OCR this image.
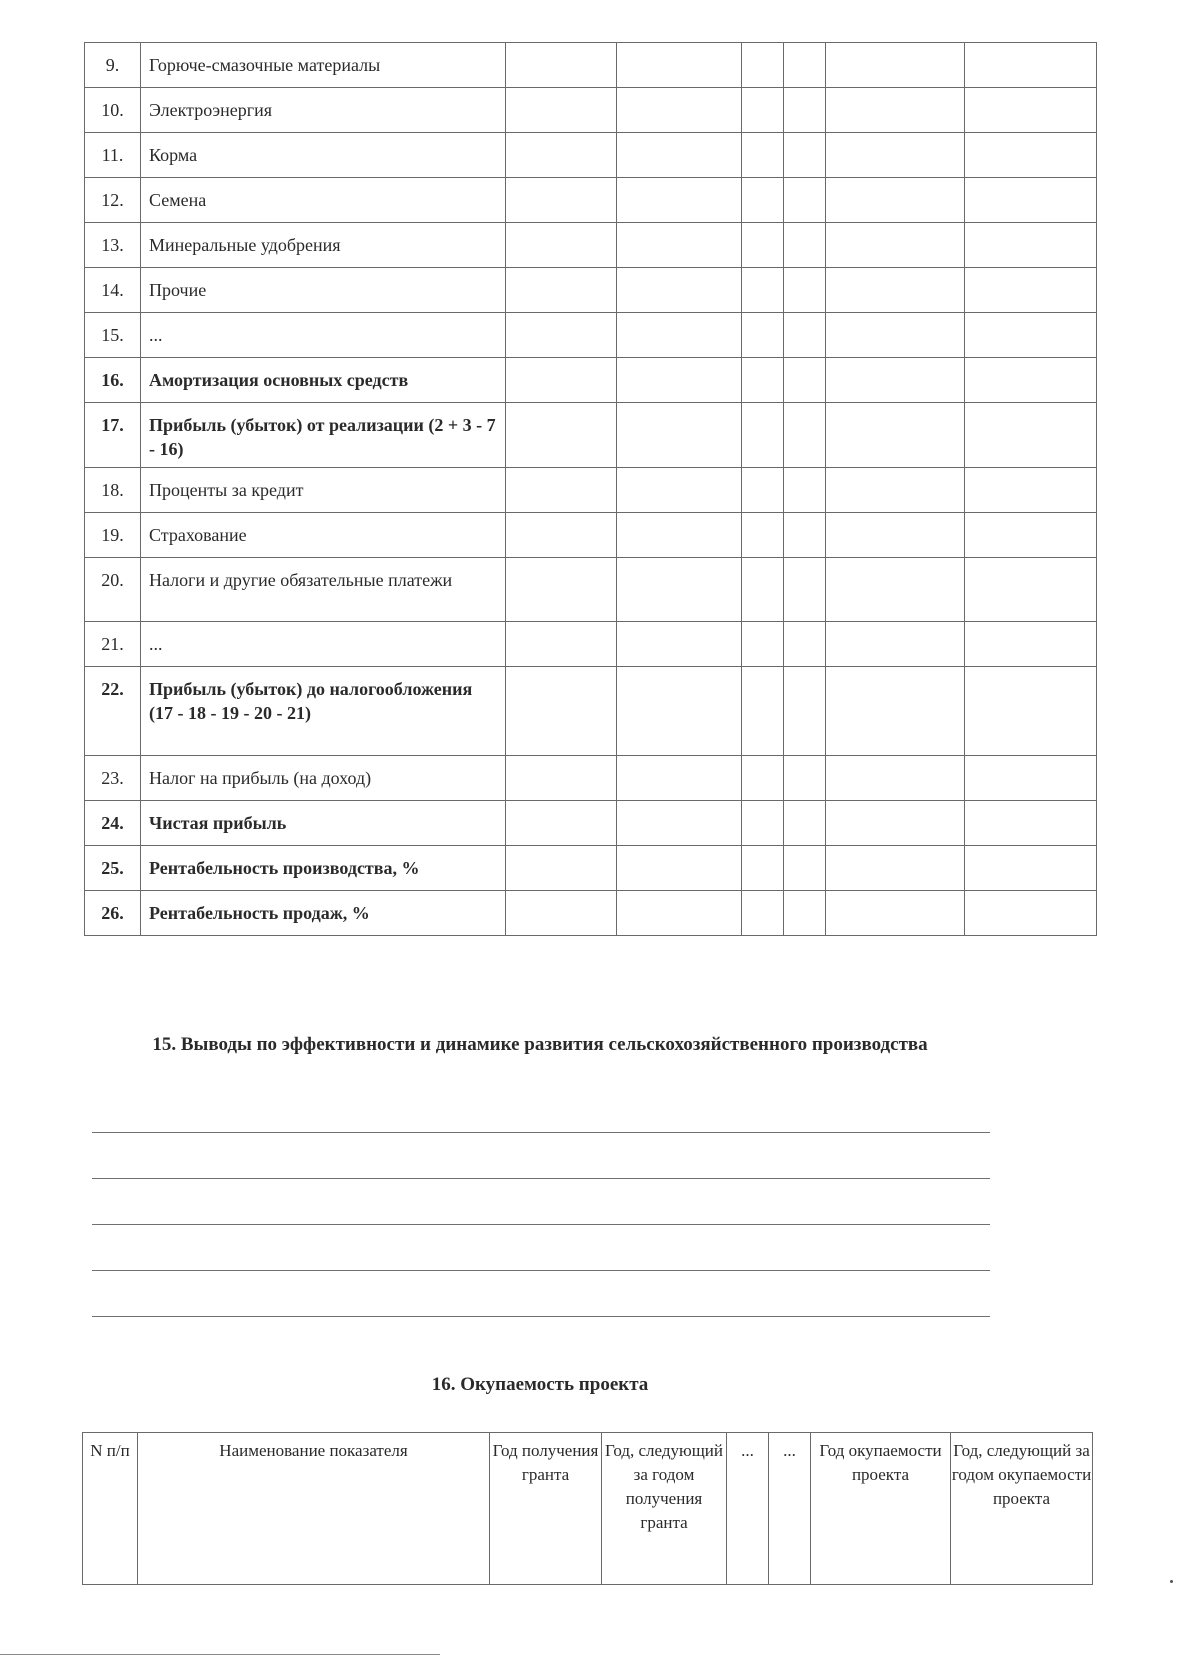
9.	Горюче-смазочные материалы						
10.	Электроэнергия						
11.	Корма						
12.	Семена						
13.	Минеральные удобрения						
14.	Прочие						
15.	...						
16.	Амортизация основных средств						
17.	Прибыль (убыток) от реализации (2 + 3 - 7 - 16)						
18.	Проценты за кредит						
19.	Страхование						
20.	Налоги и другие обязательные платежи						
21.	...						
22.	Прибыль (убыток) до налогообложения (17 - 18 - 19 - 20 - 21)						
23.	Налог на прибыль (на доход)						
24.	Чистая прибыль						
25.	Рентабельность производства, %						
26.	Рентабельность продаж, %						
15. Выводы по эффективности и динамике развития сельскохозяйственного производства
16. Окупаемость проекта
N п/п	Наименование показателя	Год получения гранта	Год, следующий за годом получения гранта	...	...	Год окупаемости проекта	Год, следующий за годом окупаемости проекта
